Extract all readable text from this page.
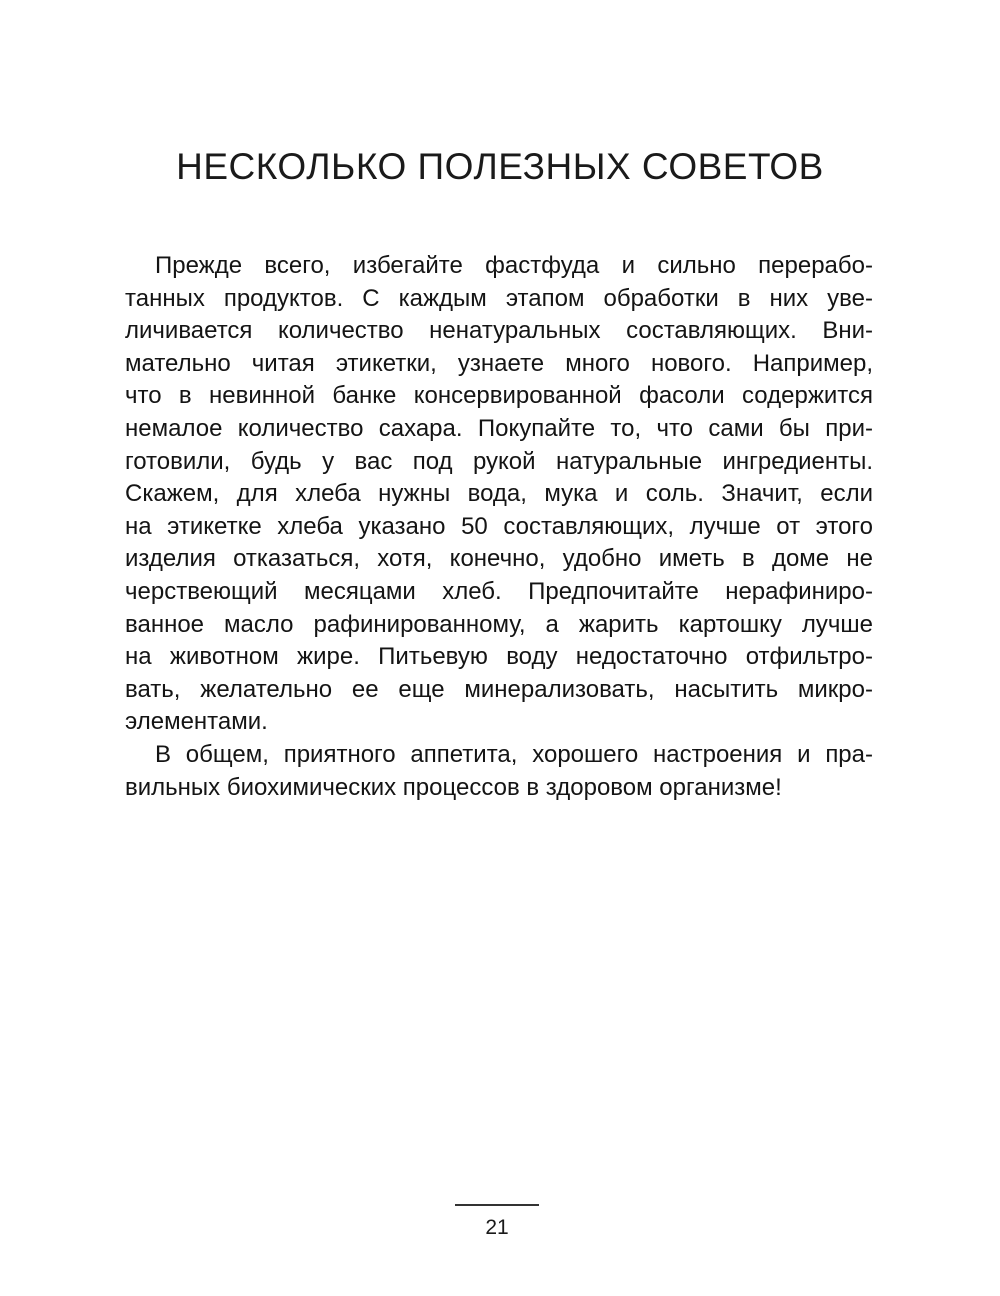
НЕСКОЛЬКО ПОЛЕЗНЫХ СОВЕТОВ
Прежде всего, избегайте фастфуда и сильно перерабо-
танных продуктов. С каждым этапом обработки в них уве-
личивается количество ненатуральных составляющих. Вни-
мательно читая этикетки, узнаете много нового. Например,
что в невинной банке консервированной фасоли содержится
немалое количество сахара. Покупайте то, что сами бы при-
готовили, будь у вас под рукой натуральные ингредиенты.
Скажем, для хлеба нужны вода, мука и соль. Значит, если
на этикетке хлеба указано 50 составляющих, лучше от этого
изделия отказаться, хотя, конечно, удобно иметь в доме не
черствеющий месяцами хлеб. Предпочитайте нерафиниро-
ванное масло рафинированному, а жарить картошку лучше
на животном жире. Питьевую воду недостаточно отфильтро-
вать, желательно ее еще минерализовать, насытить микро-
элементами.
В общем, приятного аппетита, хорошего настроения и пра-
вильных биохимических процессов в здоровом организме!
21
